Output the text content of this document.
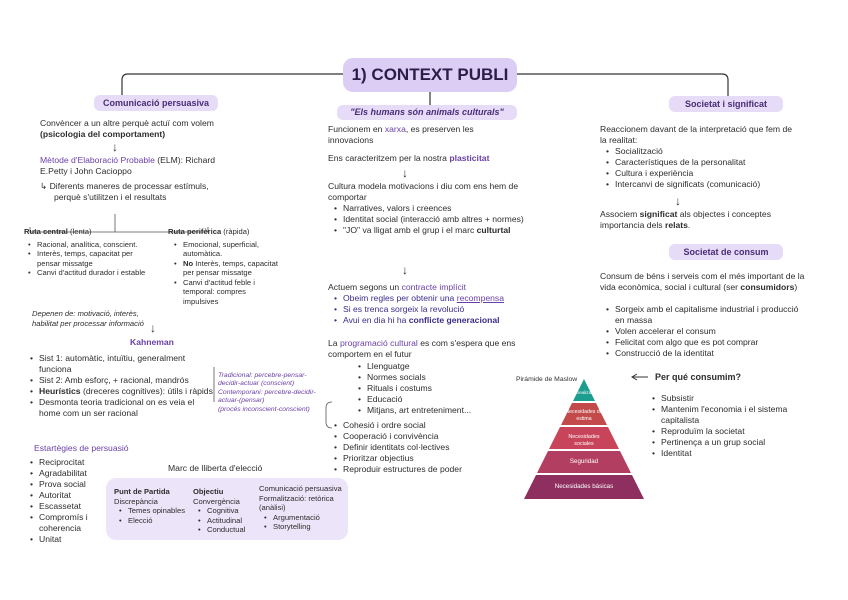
1) CONTEXT PUBLI
Comunicació persuasiva
Convèncer a un altre perquè actuï com volem
(psicologia del comportament)
↓
Mètode d'Elaboració Probable (ELM): Richard
E.Petty i John Cacioppo
↳ Diferents maneres de processar estímuls,
perquè s'utilitzen i el resultats
Ruta central (lenta)
• Racional, analítica, conscient.
• Interès, temps, capacitat per pensar missatge
• Canvi d'actitud durador i estable
Ruta perifèrica (ràpida)
• Emocional, superficial, automàtica.
• No Interès, temps, capacitat per pensar missatge
• Canvi d'actitud feble i temporal: compres impulsives
Depenen de: motivació, interès, habilitat per processar informació ↓
Kahneman
• Sist 1: automàtic, intuïtiu, generalment funciona
• Sist 2: Amb esforç, + racional, mandrós
• Heurístics (dreceres cognitives): útils i ràpids
• Desmonta teoria tradicional on es veia el home com un ser racional
Tradicional: percebre-pensar-decidir-actuar (conscient)
Contemporani: percebre-decidir-actuar-(pensar)
(procés inconscient-conscient)
Estartègies de persuasió
• Reciprocitat
• Agradabilitat
• Prova social
• Autoritat
• Escassetat
• Compromís i coherencia
• Unitat
Marc de lliberta d'elecció
Punt de Partida
Discrepància
• Temes opinables
• Elecció
Objectiu
Convergència
• Cognitiva
• Actitudinal
• Conductual
Comunicació persuasiva
Formalització: retòrica (anàlisi)
• Argumentació
• Storytelling
"Els humans són animals culturals"
Funcionem en xarxa, es preserven les innovacions
Ens caracteritzem per la nostra plasticitat
↓
Cultura modela motivacions i diu com ens hem de comportar
• Narratives, valors i creences
• Identitat social (interacció amb altres + normes)
• "JO" va lligat amb el grup i el marc culturtal
↓
Actuem segons un contracte implícit
• Obeim regles per obtenir una recompensa
• Si es trenca sorgeix la revolució
• Avui en dia hi ha conflicte generacional
La programació cultural es com s'espera que ens comportem en el futur
• Llenguatge
• Normes socials
• Rituals i costums
• Educació
• Mitjans, art entreteniment...
• Cohesió i ordre social
• Cooperació i convivència
• Definir identitats col·lectives
• Prioritzar objectius
• Reproduir estructures de poder
Societat i significat
Reaccionem davant de la interpretació que fem de la realitat:
• Socialització
• Característiques de la personalitat
• Cultura i experiència
• Intercanvi de significats (comunicació)
↓
Associem significat als objectes i conceptes importancia dels relats.
Societat de consum
Consum de béns i serveis com el més important de la vida econòmica, social i cultural (ser consumidors)
• Sorgeix amb el capitalisme industrial i producció en massa
• Volen accelerar el consum
• Felicitat com algo que es pot comprar
• Construcció de la identitat
Per qué consumim?
• Subsistir
• Mantenim l'economia i el sistema capitalista
• Reproduïm la societat
• Pertinença a un grup social
• Identitat
Pirámide de Maslow
Autorealización
Necesidades de estima
Necesidades sociales
Seguridad
Necesidades básicas
